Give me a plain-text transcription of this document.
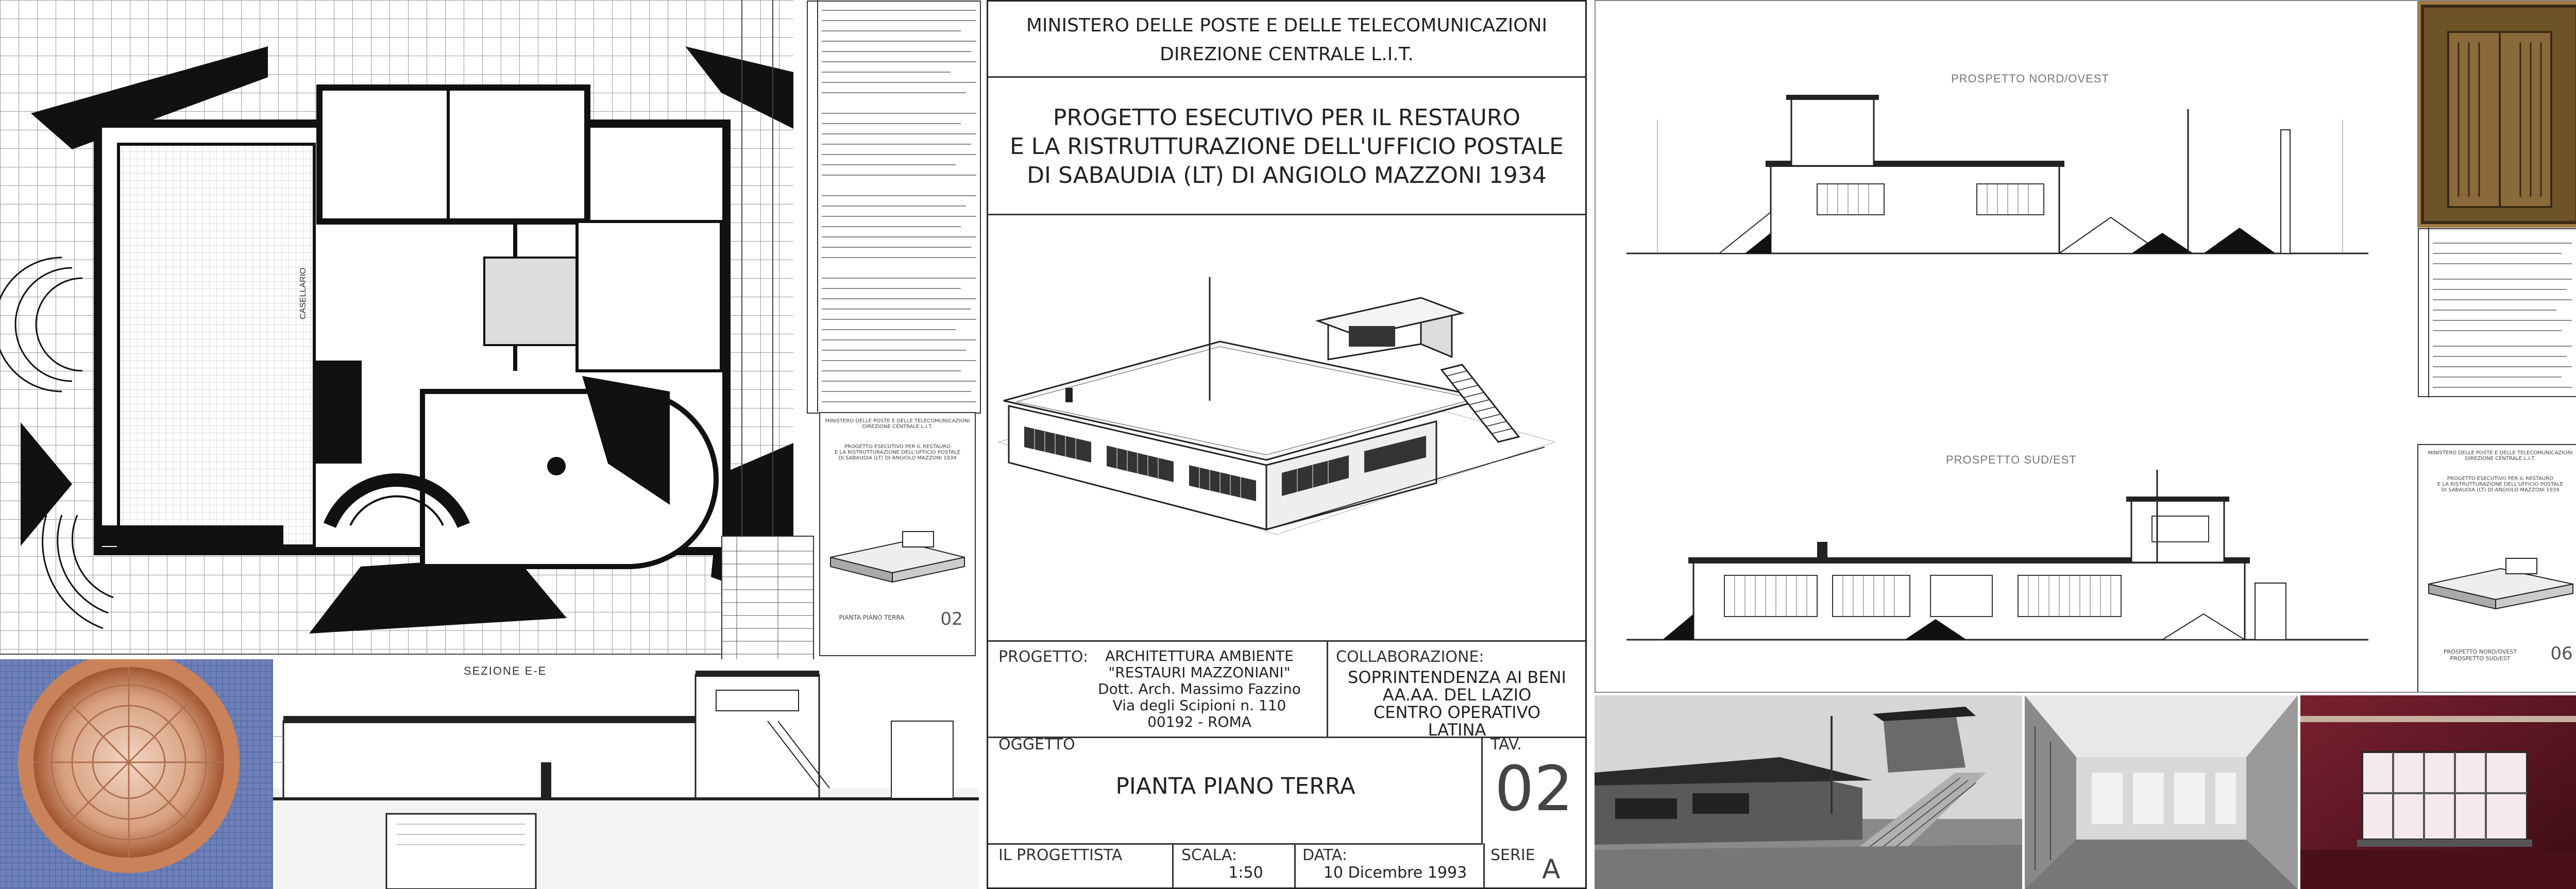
CASELLARIO
MINISTERO DELLE POSTE E DELLE TELECOMUNICAZIONI
DIREZIONE CENTRALE L.I.T.
PROGETTO ESECUTIVO PER IL RESTAURO
E LA RISTRUTTURAZIONE DELL'UFFICIO POSTALE
DI SABAUDIA (LT) DI ANGIOLO MAZZONI 1934
PIANTA PIANO TERRA	02
SEZIONE E-E
MINISTERO DELLE POSTE E DELLE TELECOMUNICAZIONI
DIREZIONE CENTRALE L.I.T.
PROGETTO ESECUTIVO PER IL RESTAURO
E LA RISTRUTTURAZIONE DELL'UFFICIO POSTALE
DI SABAUDIA (LT) DI ANGIOLO MAZZONI 1934
PROGETTO:	ARCHITETTURA AMBIENTE
"RESTAURI MAZZONIANI"
Dott. Arch. Massimo Fazzino
Via degli Scipioni n. 110
00192 - ROMA
COLLABORAZIONE:
SOPRINTENDENZA AI BENI
AA.AA. DEL LAZIO
CENTRO OPERATIVO
LATINA
OGGETTO
PIANTA PIANO TERRA
TAV.
02
IL PROGETTISTA	SCALA:
1:50
DATA:
10 Dicembre 1993
SERIE A
PROSPETTO NORD/OVEST
PROSPETTO SUD/EST
MINISTERO DELLE POSTE E DELLE TELECOMUNICAZIONI
DIREZIONE CENTRALE L.I.T.
PROGETTO ESECUTIVO PER IL RESTAURO
E LA RISTRUTTURAZIONE DELL'UFFICIO POSTALE
DI SABAUDIA (LT) DI ANGIOLO MAZZONI 1934
PROSPETTO NORD/OVEST
PROSPETTO SUD/EST	06
